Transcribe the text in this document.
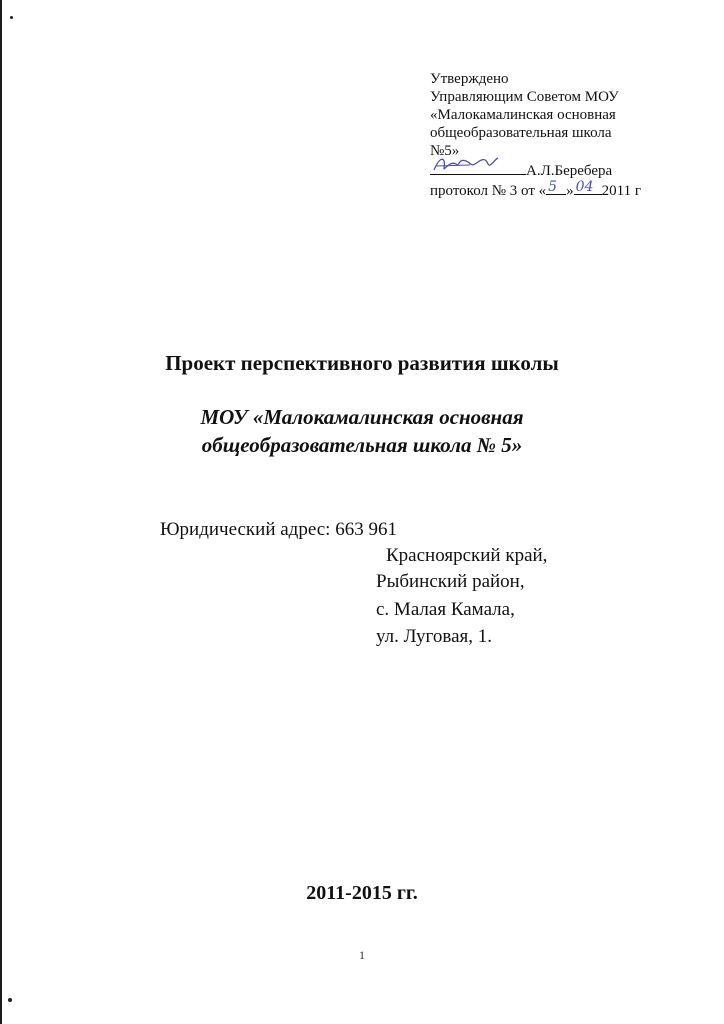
Утверждено
Управляющим Советом МОУ
«Малокамалинская основная
общеобразовательная школа
№5»
А.Л.Беребера
протокол № 3 от « 5 » 04 2011 г
Проект перспективного развития школы
МОУ «Малокамалинская основная
общеобразовательная школа № 5»
Юридический адрес: 663 961
Красноярский край,
Рыбинский район,
с. Малая Камала,
ул. Луговая, 1.
2011-2015 гг.
1
